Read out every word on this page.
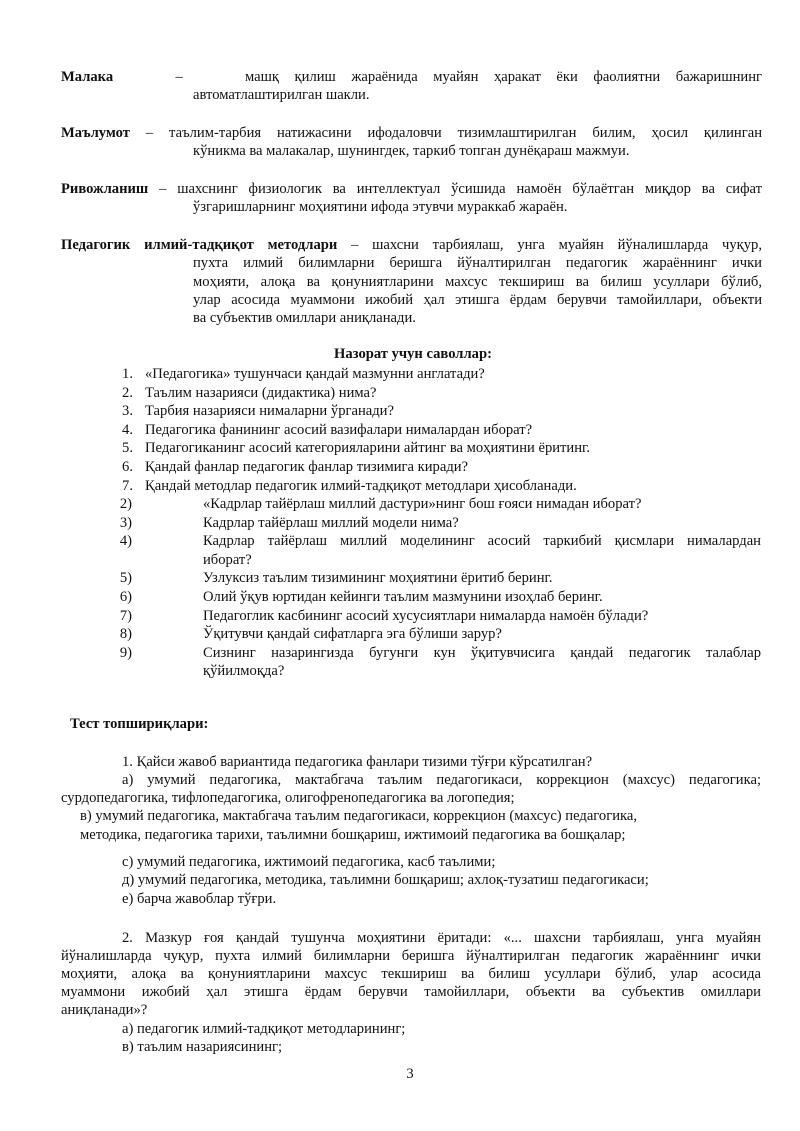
Малака	–	машқ қилиш жараёнида муайян ҳаракат ёки фаолиятни бажаришнинг
автоматлаштирилган шакли.
Маълумот – таълим-тарбия натижасини ифодаловчи тизимлаштирилган билим, ҳосил қилинган
кўникма ва малакалар, шунингдек, таркиб топган дунёқараш мажмуи.
Ривожланиш – шахснинг физиологик ва интеллектуал ўсишида намоён бўлаётган миқдор ва сифат
ўзгаришларнинг моҳиятини ифода этувчи мураккаб жараён.
Педагогик илмий-тадқиқот методлари – шахсни тарбиялаш, унга муайян йўналишларда чуқур,
пухта илмий билимларни беришга йўналтирилган педагогик жараённинг ички
моҳияти, алоқа ва қонуниятларини махсус текшириш ва билиш усуллари бўлиб,
улар асосида муаммони ижобий ҳал этишга ёрдам берувчи тамойиллари, объекти
ва субъектив омиллари аниқланади.
Назорат учун саволлар:
1. «Педагогика» тушунчаси қандай мазмунни англатади?
2. Таълим назарияси (дидактика) нима?
3. Тарбия назарияси нималарни ўрганади?
4. Педагогика фанининг асосий вазифалари нималардан иборат?
5. Педагогиканинг асосий категорияларини айтинг ва моҳиятини ёритинг.
6. Қандай фанлар педагогик фанлар тизимига киради?
7. Қандай методлар педагогик илмий-тадқиқот методлари ҳисобланади.
2)	«Кадрлар тайёрлаш миллий дастури»нинг бош ғояси нимадан иборат?
3)	Кадрлар тайёрлаш миллий модели нима?
4)	Кадрлар тайёрлаш миллий моделининг асосий таркибий қисмлари нималардан
иборат?
5)	Узлуксиз таълим тизимининг моҳиятини ёритиб беринг.
6)	Олий ўқув юртидан кейинги таълим мазмунини изоҳлаб беринг.
7)	Педагоглик касбининг асосий хусусиятлари нималарда намоён бўлади?
8)	Ўқитувчи қандай сифатларга эга бўлиши зарур?
9)	Сизнинг назарингизда бугунги кун ўқитувчисига қандай педагогик талаблар
қўйилмоқда?
Тест топшириқлари:
1. Қайси жавоб вариантида педагогика фанлари тизими тўғри кўрсатилган?
а) умумий педагогика, мактабгача таълим педагогикаси, коррекцион (махсус) педагогика;
сурдопедагогика, тифлопедагогика, олигофренопедагогика ва логопедия;
в) умумий педагогика, мактабгача таълим педагогикаси, коррекцион (махсус) педагогика,
методика, педагогика тарихи, таълимни бошқариш, ижтимоий педагогика ва бошқалар;
с) умумий педагогика, ижтимоий педагогика, касб таълими;
д) умумий педагогика, методика, таълимни бошқариш; ахлоқ-тузатиш педагогикаси;
е) барча жавоблар тўғри.
2. Мазкур ғоя қандай тушунча моҳиятини ёритади: «... шахсни тарбиялаш, унга муайян
йўналишларда чуқур, пухта илмий билимларни беришга йўналтирилган педагогик жараённинг ички
моҳияти, алоқа ва қонуниятларини махсус текшириш ва билиш усуллари бўлиб, улар асосида
муаммони ижобий ҳал этишга ёрдам берувчи тамойиллари, объекти ва субъектив омиллари
аниқланади»?
а) педагогик илмий-тадқиқот методларининг;
в) таълим назариясининг;
3
